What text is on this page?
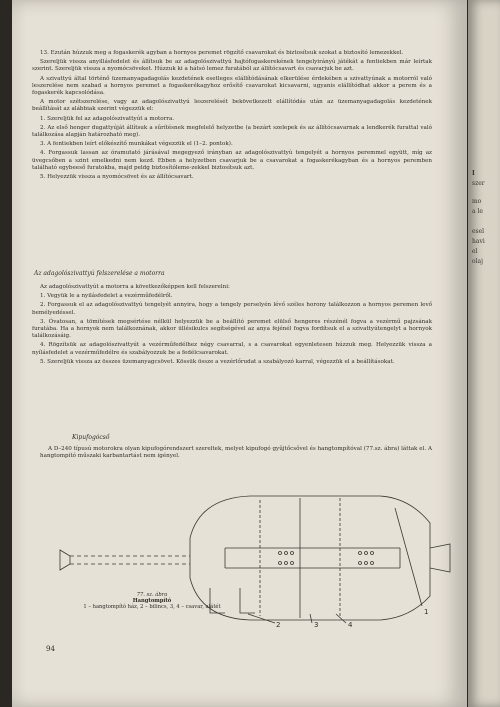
I
szer
mo
a le
esel
havi
el
olaj

13. Ezután húzzuk meg a fogaskerék agyban a hornyos peremet rögzítő csavarokat és biztosítsuk szokat a biztosító lemezekkel.

Szereljük vissza anyillásfedelet és állítsuk be az adagolószivattyú hajtófogaskerekének tengelyirányú játékát a fentiekben már leírtak szerint. Szereljük vissza a nyomócsöveket. Húzzuk ki a hátsó lemez furatából az állítócsavart és csavarjuk be azt.

A szivattyú által történő üzemanyagadagolás kezdetének esetleges elállítódásának elkerülése érdekében a szivattyúnak a motorról való leszerelése nem szabad a hornyos peremet a fogaskerékagyhoz erősítő csavarokat kicsavarni, ugyanis elállítódhat akkor a perem és a fogaskerék kapcsolódása.

A motor szétszerelése, vagy az adagolószivattyú leszerelését bekövetkezett elállítódás után az üzemanyagadagolás kezdetének beállítását az alábbiak szerint végezzük el:

1. Szereljük fel az adagolószivattyút a motorra.

2. Az első henger dugattyúját állítsuk a sűrítésnek megfelelő helyzetbe (a bezárt szelepek és az állítócsavarnak a lendkerék furattal való találkozása alapján határozható meg).

3. A fentiekben leírt előkészítő munkákat végezzük el (1–2. pontok).

4. Forgassuk lassan az óramutató járásával megegyező irányban az adagolószivattyú tengelyét a hornyos peremmel együtt, míg az üvegcsőben a szint emelkedni nem kezd. Ebben a helyzetben csavarjuk be a csavarokat a fogaskerékagyban és a hornyos peremben található egybeeső furatokba, majd peldg biztosítóleme-zekkel biztosítsuk azt.

5. Helyezzük vissza a nyomócsövet és az állítócsavart.

Az adagolószivattyú felszerelése a motorra

Az adagolószivattyút a motorra a következőképpen kell felszerelni:

1. Vegyük le a nyilásfedelet a vezérműfedélről.

2. Forgassuk el az adagolószivattyú tengelyét annyira, hogy a tengely perselyén lévő széles horony találkozzon a hornyos peremen levő bemélyedéssel.

3. Óvatosan, a tömítések megsértése nélkül helyezzük be a beállító peremet elülső hengeres részénél fogva a vezérmű pajzsának furatába. Ha a hornyok nem találkoznának, akkor üllésikulcs segítségével az anya fejénél fogva fordítsuk el a szivattyútengelyt a hornyok találkozásáig.

4. Rögzítsük az adagolószivattyút a vezérműfedélhez négy csavarral, s a csavarokat egyenletesen húzzuk meg. Helyezzük vissza a nyílásfedelet a vezérműfedélre és szabályozzuk be a fedélcsavarokat.

5. Szereljük vissza az összes üzemanyagcsövet. Kössük össze a vezérlőrudat a szabályozó karral, végezzük el a beállításokat.

Kipufogócső

A D–240 típusú motorokra olyan kipufogórendszert szereltek, melyet kipufogó gyűjtőcsővel és hangtompítóval (77.sz. ábra) láttak el. A hangtompító műszaki karbantartást nem igényel.

1
2	3	4
77. sz. ábra
Hangtompító
1 – hangtompító ház, 2 – bilincs, 3, 4 – csavar, alátét
94
